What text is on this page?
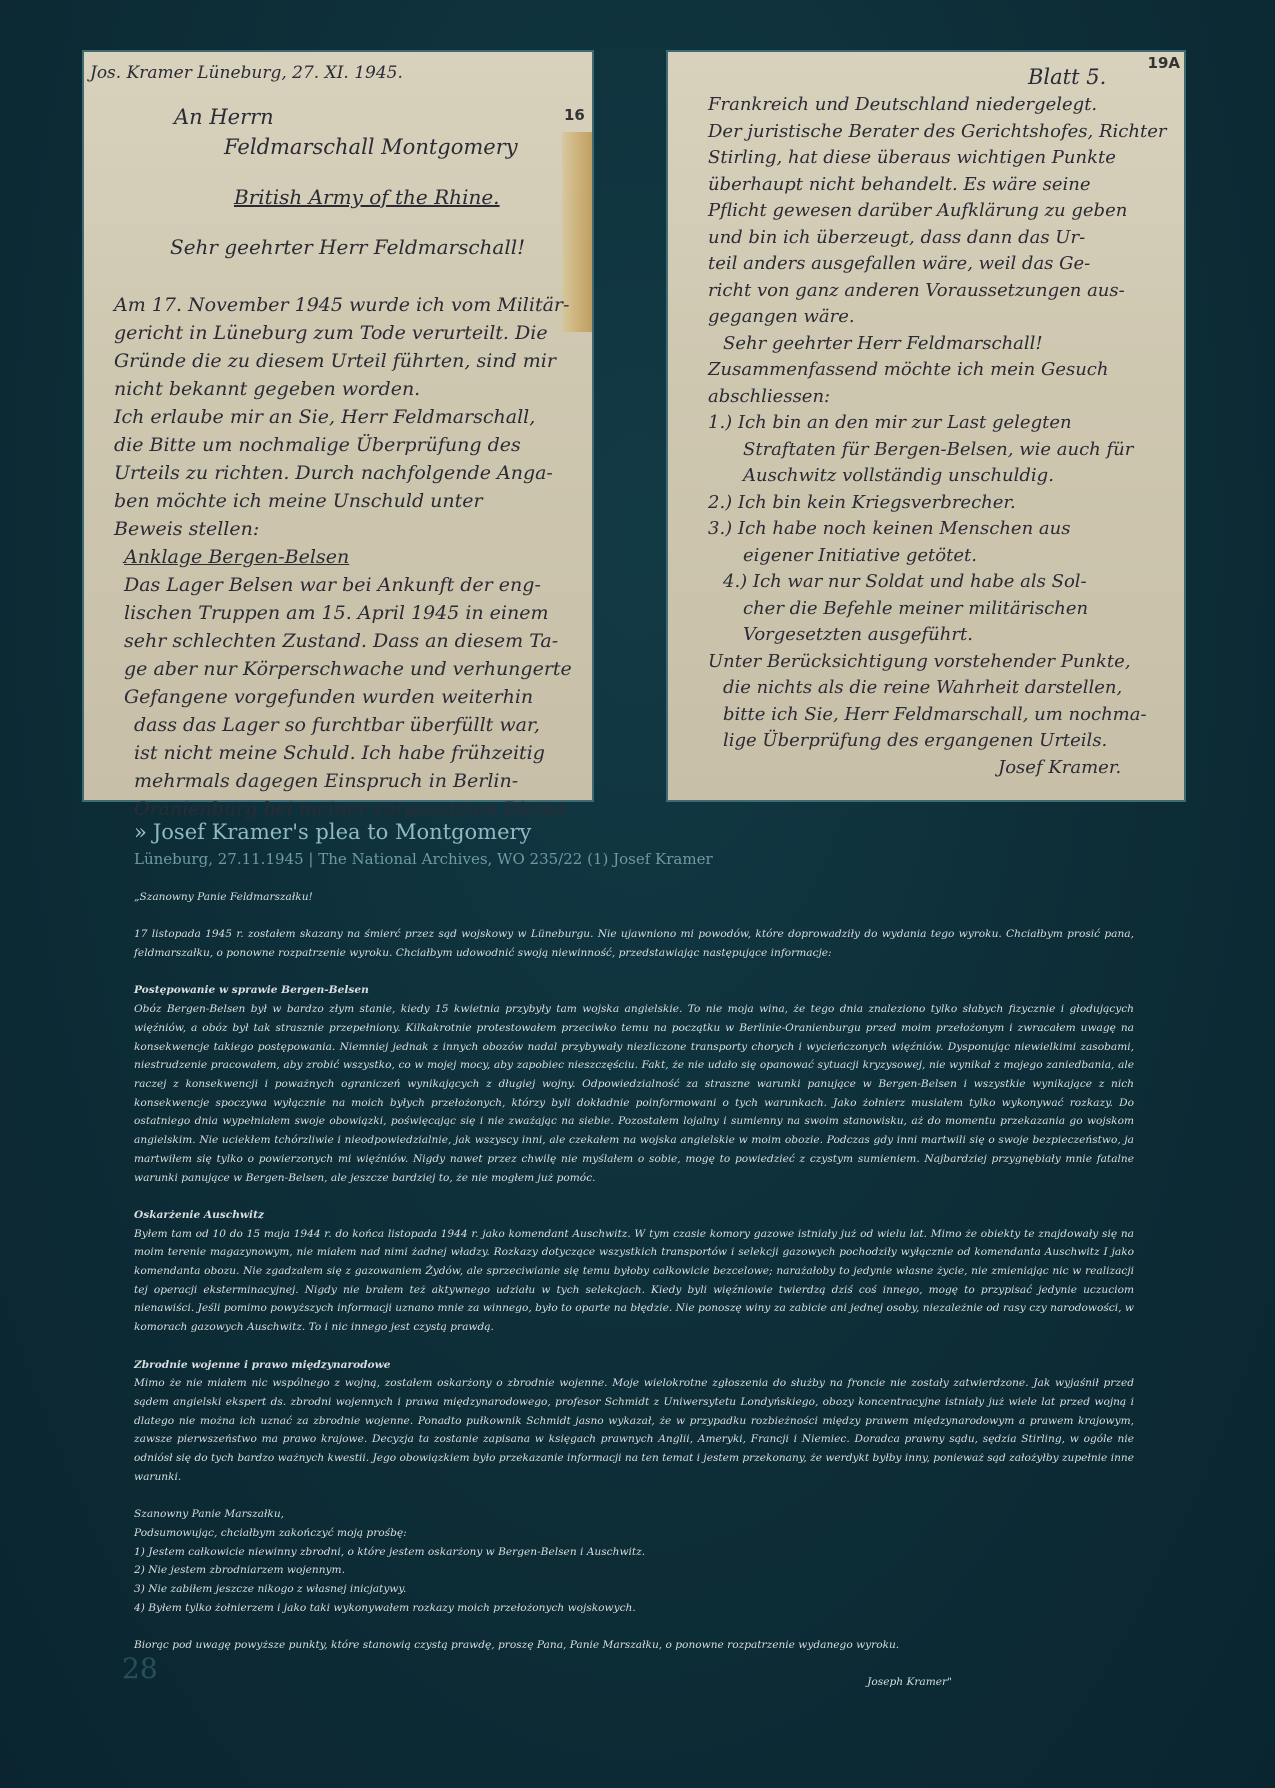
16
Jos. Kramer Lüneburg, 27. XI. 1945.
An Herrn
Feldmarschall Montgomery
British Army of the Rhine.
Sehr geehrter Herr Feldmarschall!
Am 17. November 1945 wurde ich vom Militär-
gericht in Lüneburg zum Tode verurteilt. Die
Gründe die zu diesem Urteil führten, sind mir
nicht bekannt gegeben worden.
Ich erlaube mir an Sie, Herr Feldmarschall,
die Bitte um nochmalige Überprüfung des
Urteils zu richten. Durch nachfolgende Anga-
ben möchte ich meine Unschuld unter
Beweis stellen:
Anklage Bergen-Belsen
Das Lager Belsen war bei Ankunft der eng-
lischen Truppen am 15. April 1945 in einem
sehr schlechten Zustand. Dass an diesem Ta-
ge aber nur Körperschwache und verhungerte
Gefangene vorgefunden wurden weiterhin
dass das Lager so furchtbar überfüllt war,
ist nicht meine Schuld. Ich habe frühzeitig
mehrmals dagegen Einspruch in Berlin-
Oranienburg bei meiner vorgesetzten Dienst-
19A
Blatt 5.
Frankreich und Deutschland niedergelegt.
Der juristische Berater des Gerichtshofes, Richter
Stirling, hat diese überaus wichtigen Punkte
überhaupt nicht behandelt. Es wäre seine
Pflicht gewesen darüber Aufklärung zu geben
und bin ich überzeugt, dass dann das Ur-
teil anders ausgefallen wäre, weil das Ge-
richt von ganz anderen Voraussetzungen aus-
gegangen wäre.
Sehr geehrter Herr Feldmarschall!
Zusammenfassend möchte ich mein Gesuch
abschliessen:
1.) Ich bin an den mir zur Last gelegten
Straftaten für Bergen-Belsen, wie auch für
Auschwitz vollständig unschuldig.
2.) Ich bin kein Kriegsverbrecher.
3.) Ich habe noch keinen Menschen aus
eigener Initiative getötet.
4.) Ich war nur Soldat und habe als Sol-
cher die Befehle meiner militärischen
Vorgesetzten ausgeführt.
Unter Berücksichtigung vorstehender Punkte,
die nichts als die reine Wahrheit darstellen,
bitte ich Sie, Herr Feldmarschall, um nochma-
lige Überprüfung des ergangenen Urteils.
Josef Kramer.
» Josef Kramer's plea to Montgomery
Lüneburg, 27.11.1945 | The National Archives, WO 235/22 (1) Josef Kramer

„Szanowny Panie Feldmarszałku!

17 listopada 1945 r. zostałem skazany na śmierć przez sąd wojskowy w Lüneburgu. Nie ujawniono mi powodów, które doprowadziły do wydania tego wyroku. Chciałbym prosić pana, feldmarszałku, o ponowne rozpatrzenie wyroku. Chciałbym udowodnić swoją niewinność, przedstawiając następujące informacje:

Postępowanie w sprawie Bergen-Belsen
Obóz Bergen-Belsen był w bardzo złym stanie, kiedy 15 kwietnia przybyły tam wojska angielskie. To nie moja wina, że tego dnia znaleziono tylko słabych fizycznie i głodujących więźniów, a obóz był tak strasznie przepełniony. Kilkakrotnie protestowałem przeciwko temu na początku w Berlinie-Oranienburgu przed moim przełożonym i zwracałem uwagę na konsekwencje takiego postępowania. Niemniej jednak z innych obozów nadal przybywały niezliczone transporty chorych i wycieńczonych więźniów. Dysponując niewielkimi zasobami, niestrudzenie pracowałem, aby zrobić wszystko, co w mojej mocy, aby zapobiec nieszczęściu. Fakt, że nie udało się opanować sytuacji kryzysowej, nie wynikał z mojego zaniedbania, ale raczej z konsekwencji i poważnych ograniczeń wynikających z długiej wojny. Odpowiedzialność za straszne warunki panujące w Bergen-Belsen i wszystkie wynikające z nich konsekwencje spoczywa wyłącznie na moich byłych przełożonych, którzy byli dokładnie poinformowani o tych warunkach. Jako żołnierz musiałem tylko wykonywać rozkazy. Do ostatniego dnia wypełniałem swoje obowiązki, poświęcając się i nie zważając na siebie. Pozostałem lojalny i sumienny na swoim stanowisku, aż do momentu przekazania go wojskom angielskim. Nie uciekłem tchórzliwie i nieodpowiedzialnie, jak wszyscy inni, ale czekałem na wojska angielskie w moim obozie. Podczas gdy inni martwili się o swoje bezpieczeństwo, ja martwiłem się tylko o powierzonych mi więźniów. Nigdy nawet przez chwilę nie myślałem o sobie, mogę to powiedzieć z czystym sumieniem. Najbardziej przygnębiały mnie fatalne warunki panujące w Bergen-Belsen, ale jeszcze bardziej to, że nie mogłem już pomóc.

Oskarżenie Auschwitz
Byłem tam od 10 do 15 maja 1944 r. do końca listopada 1944 r. jako komendant Auschwitz. W tym czasie komory gazowe istniały już od wielu lat. Mimo że obiekty te znajdowały się na moim terenie magazynowym, nie miałem nad nimi żadnej władzy. Rozkazy dotyczące wszystkich transportów i selekcji gazowych pochodziły wyłącznie od komendanta Auschwitz I jako komendanta obozu. Nie zgadzałem się z gazowaniem Żydów, ale sprzeciwianie się temu byłoby całkowicie bezcelowe; narażałoby to jedynie własne życie, nie zmieniając nic w realizacji tej operacji eksterminacyjnej. Nigdy nie brałem też aktywnego udziału w tych selekcjach. Kiedy byli więźniowie twierdzą dziś coś innego, mogę to przypisać jedynie uczuciom nienawiści. Jeśli pomimo powyższych informacji uznano mnie za winnego, było to oparte na błędzie. Nie ponoszę winy za zabicie ani jednej osoby, niezależnie od rasy czy narodowości, w komorach gazowych Auschwitz. To i nic innego jest czystą prawdą.

Zbrodnie wojenne i prawo międzynarodowe
Mimo że nie miałem nic wspólnego z wojną, zostałem oskarżony o zbrodnie wojenne. Moje wielokrotne zgłoszenia do służby na froncie nie zostały zatwierdzone. Jak wyjaśnił przed sądem angielski ekspert ds. zbrodni wojennych i prawa międzynarodowego, profesor Schmidt z Uniwersytetu Londyńskiego, obozy koncentracyjne istniały już wiele lat przed wojną i dlatego nie można ich uznać za zbrodnie wojenne. Ponadto pułkownik Schmidt jasno wykazał, że w przypadku rozbieżności między prawem międzynarodowym a prawem krajowym, zawsze pierwszeństwo ma prawo krajowe. Decyzja ta zostanie zapisana w księgach prawnych Anglii, Ameryki, Francji i Niemiec. Doradca prawny sądu, sędzia Stirling, w ogóle nie odniósł się do tych bardzo ważnych kwestii. Jego obowiązkiem było przekazanie informacji na ten temat i jestem przekonany, że werdykt byłby inny, ponieważ sąd założyłby zupełnie inne warunki.

Szanowny Panie Marszałku,
Podsumowując, chciałbym zakończyć moją prośbę:
1) Jestem całkowicie niewinny zbrodni, o które jestem oskarżony w Bergen-Belsen i Auschwitz.
2) Nie jestem zbrodniarzem wojennym.
3) Nie zabiłem jeszcze nikogo z własnej inicjatywy.
4) Byłem tylko żołnierzem i jako taki wykonywałem rozkazy moich przełożonych wojskowych.

Biorąc pod uwagę powyższe punkty, które stanowią czystą prawdę, proszę Pana, Panie Marszałku, o ponowne rozpatrzenie wydanego wyroku.

Joseph Kramer"
28
